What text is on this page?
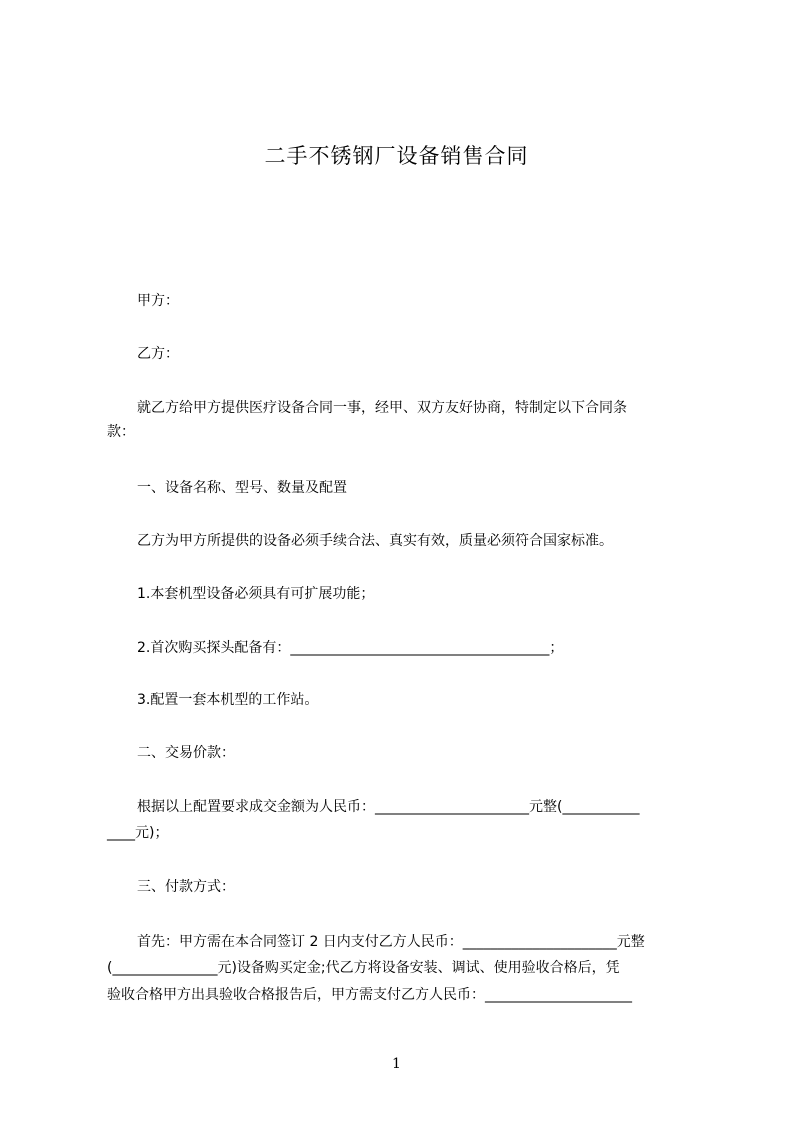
二手不锈钢厂设备销售合同
甲方：
乙方：
就乙方给甲方提供医疗设备合同一事，经甲、双方友好协商，特制定以下合同条
款：
一、设备名称、型号、数量及配置
乙方为甲方所提供的设备必须手续合法、真实有效，质量必须符合国家标准。
1.本套机型设备必须具有可扩展功能；
2.首次购买探头配备有：_____________________________________；
3.配置一套本机型的工作站。
二、交易价款：
根据以上配置要求成交金额为人民币：______________________元整(___________
____元)；
三、付款方式：
首先：甲方需在本合同签订 2 日内支付乙方人民币：______________________元整
(_______________元)设备购买定金;代乙方将设备安装、调试、使用验收合格后，凭
验收合格甲方出具验收合格报告后，甲方需支付乙方人民币：_____________________
1
